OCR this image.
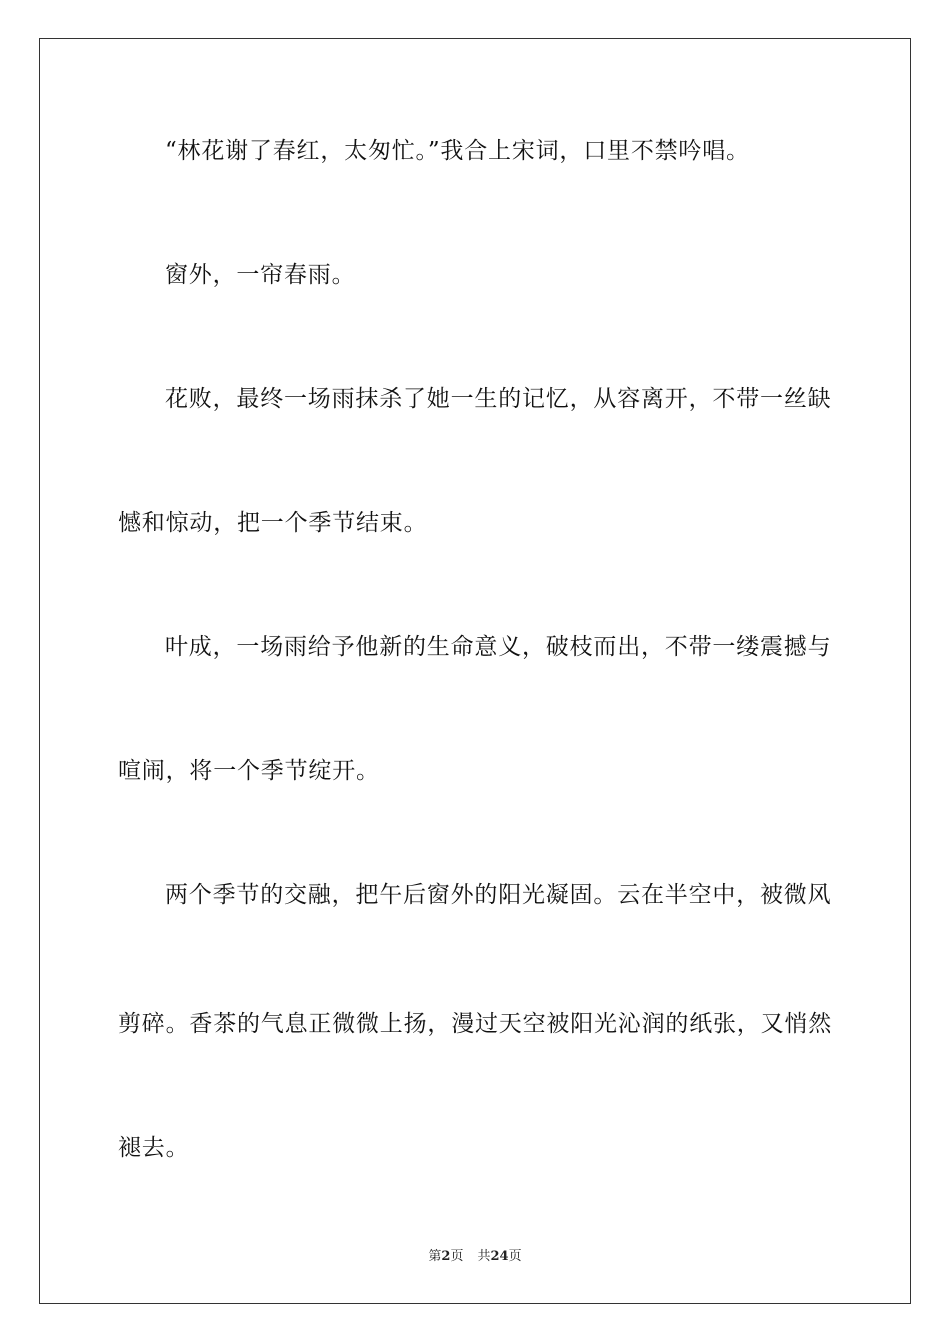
“林花谢了春红，太匆忙。”我合上宋词，口里不禁吟唱。
窗外，一帘春雨。
花败，最终一场雨抹杀了她一生的记忆，从容离开，不带一丝缺
憾和惊动，把一个季节结束。
叶成，一场雨给予他新的生命意义，破枝而出，不带一缕震撼与
喧闹，将一个季节绽开。
两个季节的交融，把午后窗外的阳光凝固。云在半空中，被微风
剪碎。香茶的气息正微微上扬，漫过天空被阳光沁润的纸张，又悄然
褪去。
第2页 共24页
